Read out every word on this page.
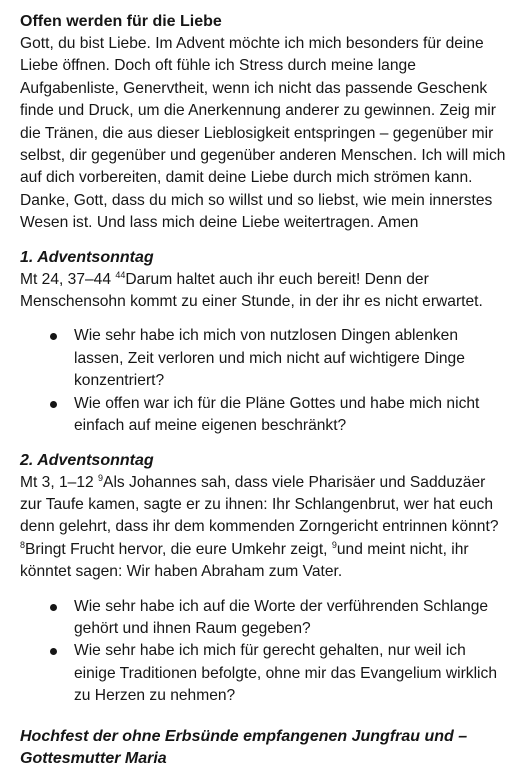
Offen werden für die Liebe

Gott, du bist Liebe. Im Advent möchte ich mich besonders für deine Liebe öffnen. Doch oft fühle ich Stress durch meine lange Aufgabenliste, Genervtheit, wenn ich nicht das passende Geschenk finde und Druck, um die Anerkennung anderer zu gewinnen. Zeig mir die Tränen, die aus dieser Lieblosigkeit entspringen – gegenüber mir selbst, dir gegenüber und gegenüber anderen Menschen. Ich will mich auf dich vorbereiten, damit deine Liebe durch mich strömen kann. Danke, Gott, dass du mich so willst und so liebst, wie mein innerstes Wesen ist. Und lass mich deine Liebe weitertragen. Amen

1. Adventsonntag

Mt 24, 37–44 $^{44}$Darum haltet auch ihr euch bereit! Denn der Menschensohn kommt zu einer Stunde, in der ihr es nicht erwartet.

Wie sehr habe ich mich von nutzlosen Dingen ablenken lassen, Zeit verloren und mich nicht auf wichtigere Dinge konzentriert?
Wie offen war ich für die Pläne Gottes und habe mich nicht einfach auf meine eigenen beschränkt?

2. Adventsonntag

Mt 3, 1–12 $^9$Als Johannes sah, dass viele Pharisäer und Sadduzäer zur Taufe kamen, sagte er zu ihnen: Ihr Schlangenbrut, wer hat euch denn gelehrt, dass ihr dem kommenden Zorngericht entrinnen könnt? $^8$Bringt Frucht hervor, die eure Umkehr zeigt, $^9$und meint nicht, ihr könntet sagen: Wir haben Abraham zum Vater.

Wie sehr habe ich auf die Worte der verführenden Schlange gehört und ihnen Raum gegeben?
Wie sehr habe ich mich für gerecht gehalten, nur weil ich einige Traditionen befolgte, ohne mir das Evangelium wirklich zu Herzen zu nehmen?

Hochfest der ohne Erbsünde empfangenen Jungfrau und – Gottesmutter Maria
